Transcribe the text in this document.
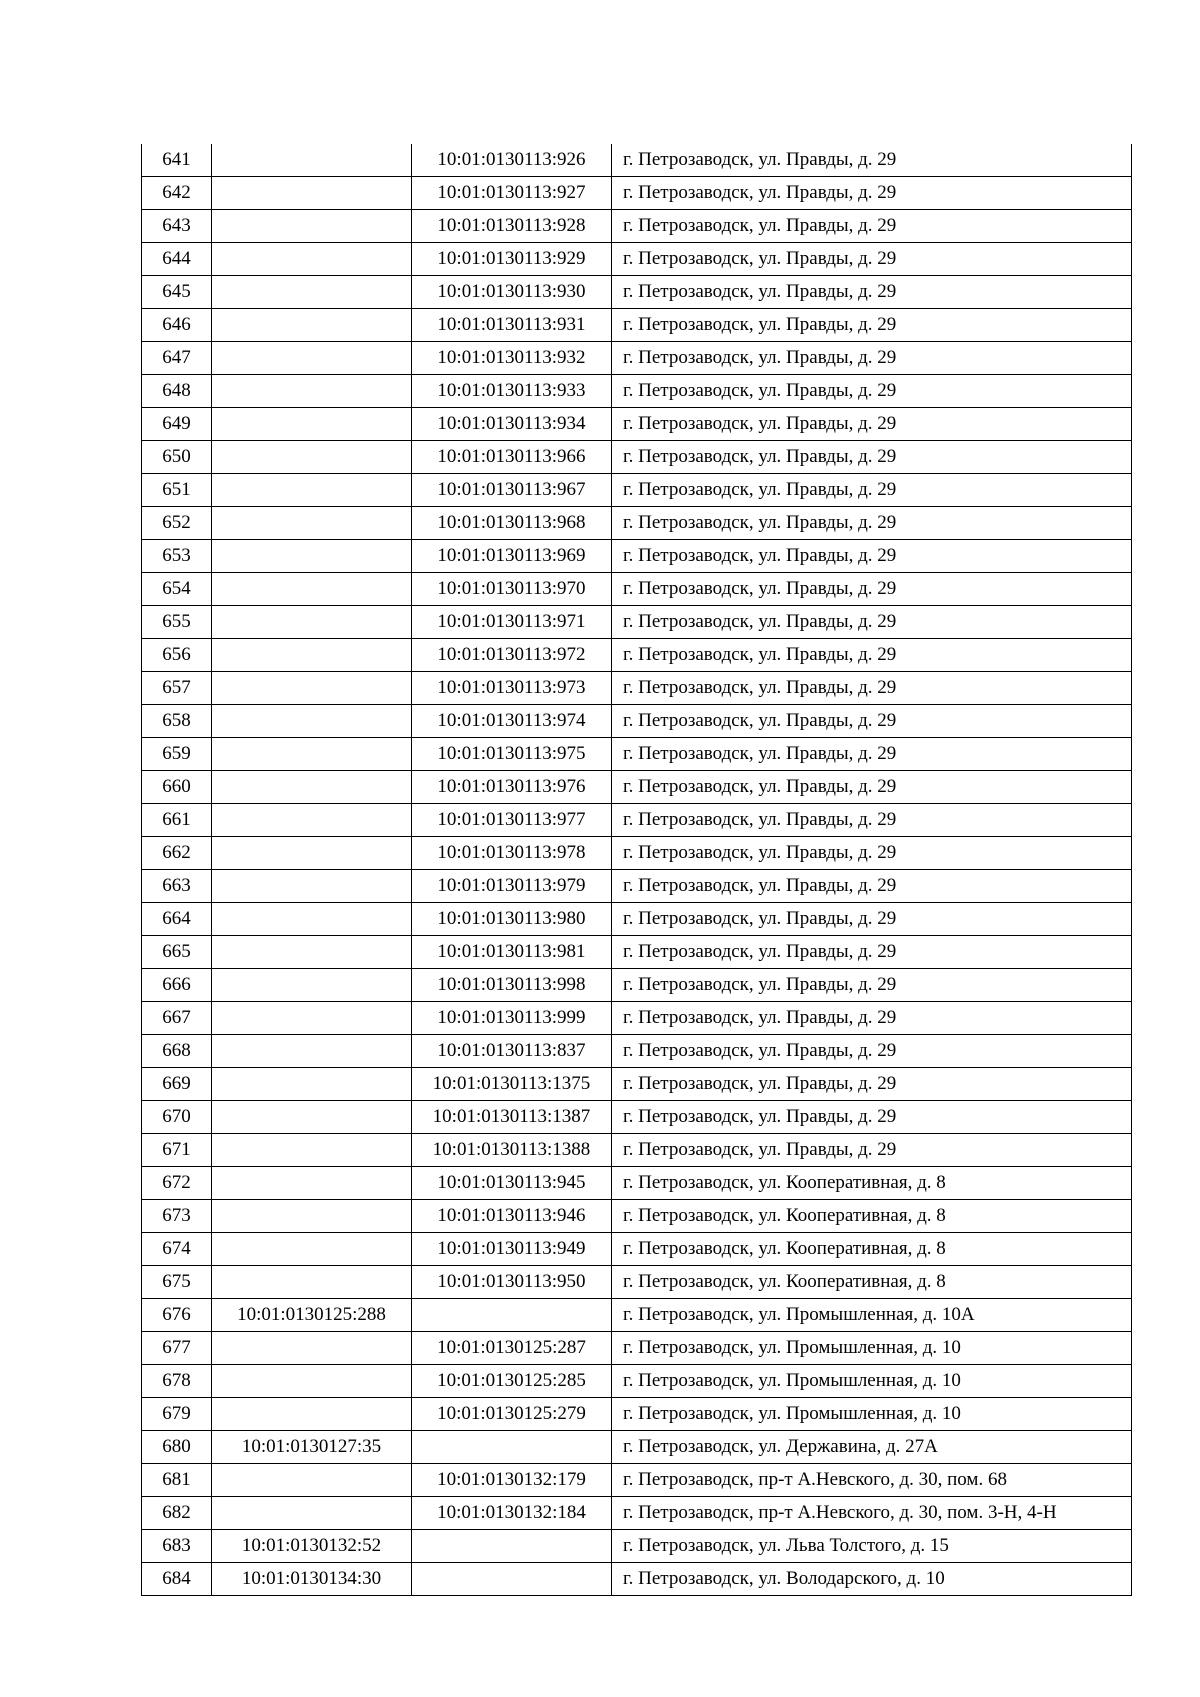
641		10:01:0130113:926	г. Петрозаводск, ул. Правды, д. 29
642		10:01:0130113:927	г. Петрозаводск, ул. Правды, д. 29
643		10:01:0130113:928	г. Петрозаводск, ул. Правды, д. 29
644		10:01:0130113:929	г. Петрозаводск, ул. Правды, д. 29
645		10:01:0130113:930	г. Петрозаводск, ул. Правды, д. 29
646		10:01:0130113:931	г. Петрозаводск, ул. Правды, д. 29
647		10:01:0130113:932	г. Петрозаводск, ул. Правды, д. 29
648		10:01:0130113:933	г. Петрозаводск, ул. Правды, д. 29
649		10:01:0130113:934	г. Петрозаводск, ул. Правды, д. 29
650		10:01:0130113:966	г. Петрозаводск, ул. Правды, д. 29
651		10:01:0130113:967	г. Петрозаводск, ул. Правды, д. 29
652		10:01:0130113:968	г. Петрозаводск, ул. Правды, д. 29
653		10:01:0130113:969	г. Петрозаводск, ул. Правды, д. 29
654		10:01:0130113:970	г. Петрозаводск, ул. Правды, д. 29
655		10:01:0130113:971	г. Петрозаводск, ул. Правды, д. 29
656		10:01:0130113:972	г. Петрозаводск, ул. Правды, д. 29
657		10:01:0130113:973	г. Петрозаводск, ул. Правды, д. 29
658		10:01:0130113:974	г. Петрозаводск, ул. Правды, д. 29
659		10:01:0130113:975	г. Петрозаводск, ул. Правды, д. 29
660		10:01:0130113:976	г. Петрозаводск, ул. Правды, д. 29
661		10:01:0130113:977	г. Петрозаводск, ул. Правды, д. 29
662		10:01:0130113:978	г. Петрозаводск, ул. Правды, д. 29
663		10:01:0130113:979	г. Петрозаводск, ул. Правды, д. 29
664		10:01:0130113:980	г. Петрозаводск, ул. Правды, д. 29
665		10:01:0130113:981	г. Петрозаводск, ул. Правды, д. 29
666		10:01:0130113:998	г. Петрозаводск, ул. Правды, д. 29
667		10:01:0130113:999	г. Петрозаводск, ул. Правды, д. 29
668		10:01:0130113:837	г. Петрозаводск, ул. Правды, д. 29
669		10:01:0130113:1375	г. Петрозаводск, ул. Правды, д. 29
670		10:01:0130113:1387	г. Петрозаводск, ул. Правды, д. 29
671		10:01:0130113:1388	г. Петрозаводск, ул. Правды, д. 29
672		10:01:0130113:945	г. Петрозаводск, ул. Кооперативная, д. 8
673		10:01:0130113:946	г. Петрозаводск, ул. Кооперативная, д. 8
674		10:01:0130113:949	г. Петрозаводск, ул. Кооперативная, д. 8
675		10:01:0130113:950	г. Петрозаводск, ул. Кооперативная, д. 8
676	10:01:0130125:288		г. Петрозаводск, ул. Промышленная, д. 10А
677		10:01:0130125:287	г. Петрозаводск, ул. Промышленная, д. 10
678		10:01:0130125:285	г. Петрозаводск, ул. Промышленная, д. 10
679		10:01:0130125:279	г. Петрозаводск, ул. Промышленная, д. 10
680	10:01:0130127:35		г. Петрозаводск, ул. Державина, д. 27А
681		10:01:0130132:179	г. Петрозаводск, пр-т А.Невского, д. 30, пом. 68
682		10:01:0130132:184	г. Петрозаводск, пр-т А.Невского, д. 30, пом. 3-Н, 4-Н
683	10:01:0130132:52		г. Петрозаводск, ул. Льва Толстого, д. 15
684	10:01:0130134:30		г. Петрозаводск, ул. Володарского, д. 10
